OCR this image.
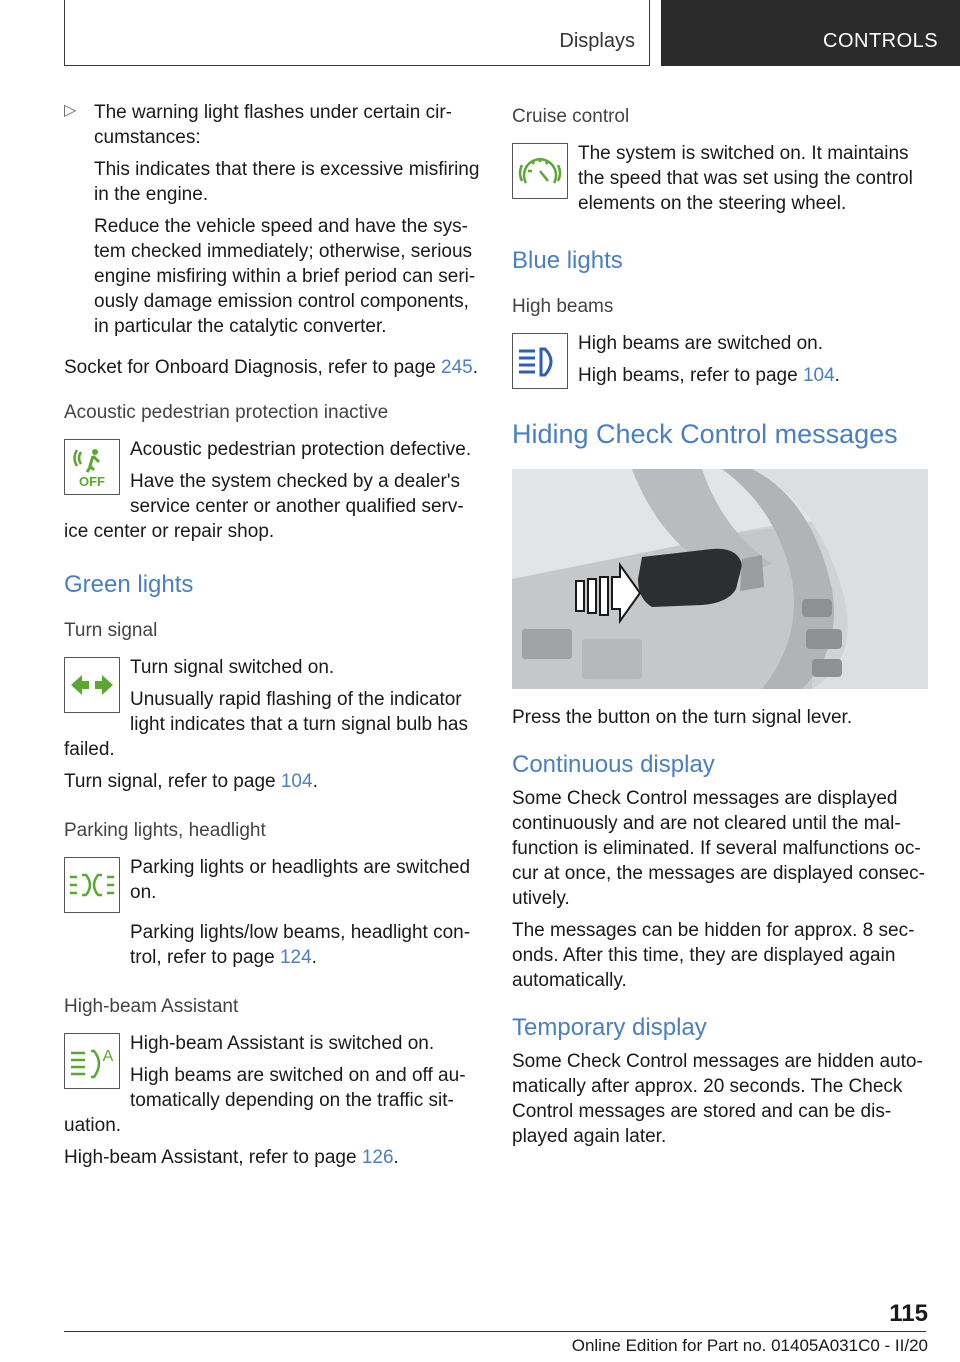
Displays	CONTROLS
▷ The warning light flashes under certain cir-cumstances:

This indicates that there is excessive misfiring in the engine.

Reduce the vehicle speed and have the sys-tem checked immediately; otherwise, serious engine misfiring within a brief period can seri-ously damage emission control components, in particular the catalytic converter.

Socket for Onboard Diagnosis, refer to page 245.

Acoustic pedestrian protection inactive
OFF

Acoustic pedestrian protection defective.

Have the system checked by a dealer's service center or another qualified serv-ice center or repair shop.

Green lights
Turn signal

Turn signal switched on.

Unusually rapid flashing of the indicator light indicates that a turn signal bulb has failed.

Turn signal, refer to page 104.

Parking lights, headlight

Parking lights or headlights are switched on.

Parking lights/low beams, headlight con-trol, refer to page 124.

High-beam Assistant
A

High-beam Assistant is switched on.

High beams are switched on and off au-tomatically depending on the traffic sit-uation.

High-beam Assistant, refer to page 126.

Cruise control

The system is switched on. It maintains the speed that was set using the control elements on the steering wheel.

Blue lights
High beams

High beams are switched on.

High beams, refer to page 104.

Hiding Check Control messages

Press the button on the turn signal lever.

Continuous display

Some Check Control messages are displayed continuously and are not cleared until the mal-function is eliminated. If several malfunctions oc-cur at once, the messages are displayed consec-utively.

The messages can be hidden for approx. 8 sec-onds. After this time, they are displayed again automatically.

Temporary display

Some Check Control messages are hidden auto-matically after approx. 20 seconds. The Check Control messages are stored and can be dis-played again later.

115
Online Edition for Part no. 01405A031C0 - II/20
